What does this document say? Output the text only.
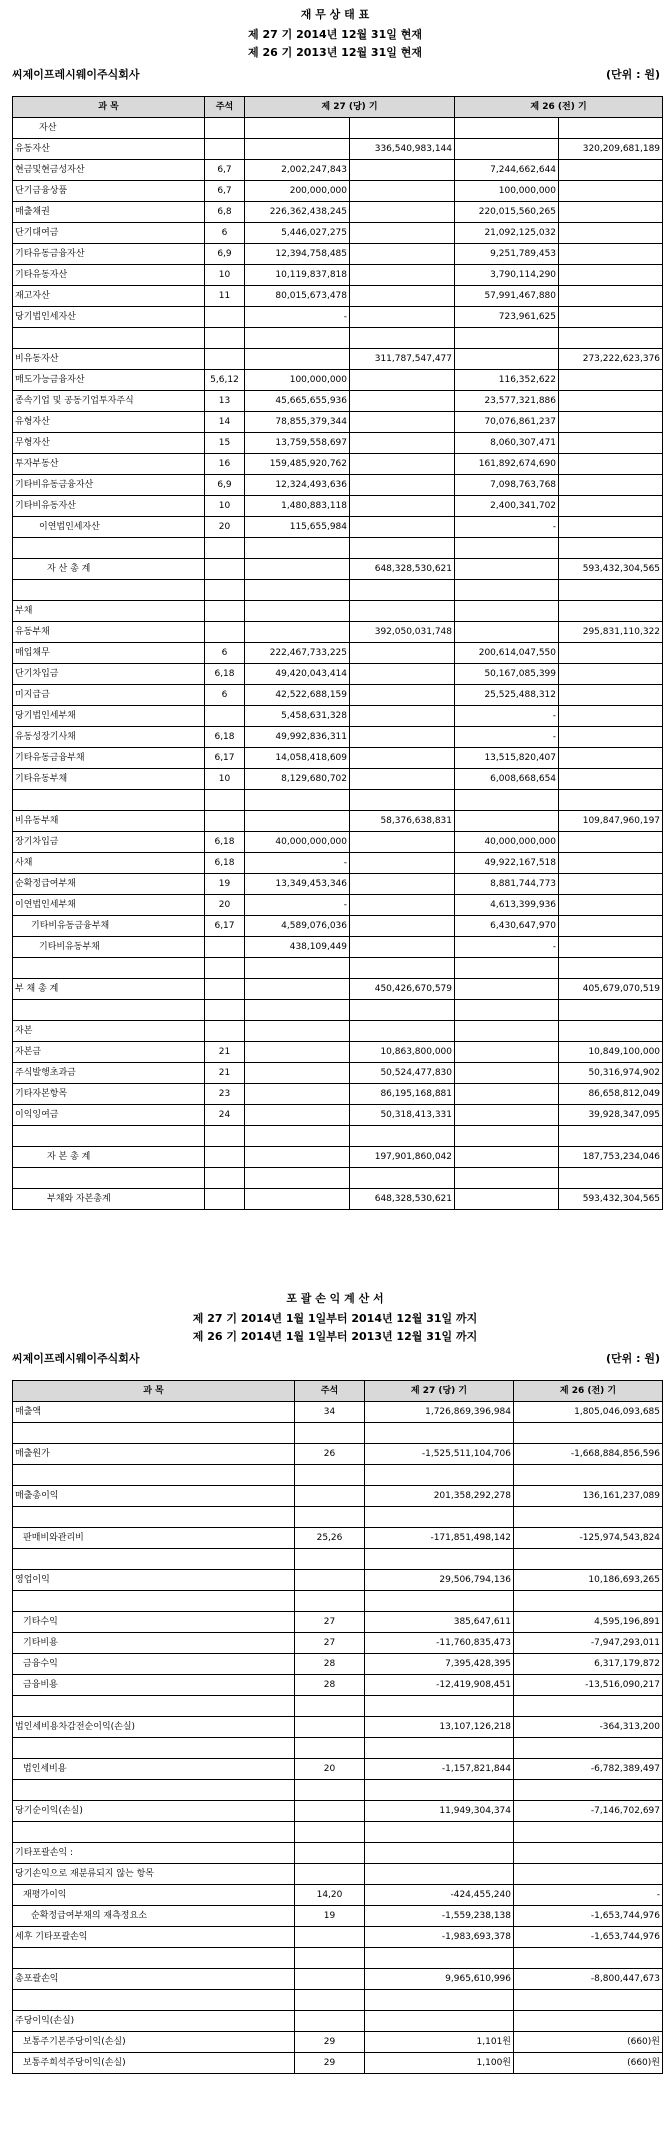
재 무 상 태 표
제 27 기 2014년 12월 31일 현재
제 26 기 2013년 12월 31일 현재
씨제이프레시웨이주식회사	(단위 : 원)
과 목	주석	제 27 (당) 기		제 26 (전) 기	
자산					
유동자산			336,540,983,144		320,209,681,189
현금및현금성자산	6,7	2,002,247,843		7,244,662,644	
단기금융상품	6,7	200,000,000		100,000,000	
매출채권	6,8	226,362,438,245		220,015,560,265	
단기대여금	6	5,446,027,275		21,092,125,032	
기타유동금융자산	6,9	12,394,758,485		9,251,789,453	
기타유동자산	10	10,119,837,818		3,790,114,290	
재고자산	11	80,015,673,478		57,991,467,880	
당기법인세자산		-		723,961,625	

비유동자산			311,787,547,477		273,222,623,376
매도가능금융자산	5,6,12	100,000,000		116,352,622	
종속기업 및 공동기업투자주식	13	45,665,655,936		23,577,321,886	
유형자산	14	78,855,379,344		70,076,861,237	
무형자산	15	13,759,558,697		8,060,307,471	
투자부동산	16	159,485,920,762		161,892,674,690	
기타비유동금융자산	6,9	12,324,493,636		7,098,763,768	
기타비유동자산	10	1,480,883,118		2,400,341,702	
이연법인세자산	20	115,655,984		-	

자 산 총 계			648,328,530,621		593,432,304,565

부채					
유동부채			392,050,031,748		295,831,110,322
매입채무	6	222,467,733,225		200,614,047,550	
단기차입금	6,18	49,420,043,414		50,167,085,399	
미지급금	6	42,522,688,159		25,525,488,312	
당기법인세부채		5,458,631,328		-	
유동성장기사채	6,18	49,992,836,311		-	
기타유동금융부채	6,17	14,058,418,609		13,515,820,407	
기타유동부채	10	8,129,680,702		6,008,668,654	

비유동부채			58,376,638,831		109,847,960,197
장기차입금	6,18	40,000,000,000		40,000,000,000	
사채	6,18	-		49,922,167,518	
순확정급여부채	19	13,349,453,346		8,881,744,773	
이연법인세부채	20	-		4,613,399,936	
기타비유동금융부채	6,17	4,589,076,036		6,430,647,970	
기타비유동부채		438,109,449		-	

부 채 총 계			450,426,670,579		405,679,070,519

자본					
자본금	21		10,863,800,000		10,849,100,000
주식발행초과금	21		50,524,477,830		50,316,974,902
기타자본항목	23		86,195,168,881		86,658,812,049
이익잉여금	24		50,318,413,331		39,928,347,095

자 본 총 계			197,901,860,042		187,753,234,046

부채와 자본총계			648,328,530,621		593,432,304,565
포 괄 손 익 계 산 서
제 27 기 2014년 1월 1일부터 2014년 12월 31일 까지
제 26 기 2014년 1월 1일부터 2013년 12월 31일 까지
씨제이프레시웨이주식회사	(단위 : 원)
과 목	주석	제 27 (당) 기	제 26 (전) 기
매출액	34	1,726,869,396,984	1,805,046,093,685

매출원가	26	-1,525,511,104,706	-1,668,884,856,596

매출총이익		201,358,292,278	136,161,237,089

판매비와관리비	25,26	-171,851,498,142	-125,974,543,824

영업이익		29,506,794,136	10,186,693,265

기타수익	27	385,647,611	4,595,196,891
기타비용	27	-11,760,835,473	-7,947,293,011
금융수익	28	7,395,428,395	6,317,179,872
금융비용	28	-12,419,908,451	-13,516,090,217

법인세비용차감전순이익(손실)		13,107,126,218	-364,313,200

법인세비용	20	-1,157,821,844	-6,782,389,497

당기순이익(손실)		11,949,304,374	-7,146,702,697

기타포괄손익 :			
당기손익으로 재분류되지 않는 항목			
재평가이익	14,20	-424,455,240	-
순확정급여부채의 재측정요소	19	-1,559,238,138	-1,653,744,976
세후 기타포괄손익		-1,983,693,378	-1,653,744,976

총포괄손익		9,965,610,996	-8,800,447,673

주당이익(손실)			
보통주기본주당이익(손실)	29	1,101원	(660)원
보통주희석주당이익(손실)	29	1,100원	(660)원
